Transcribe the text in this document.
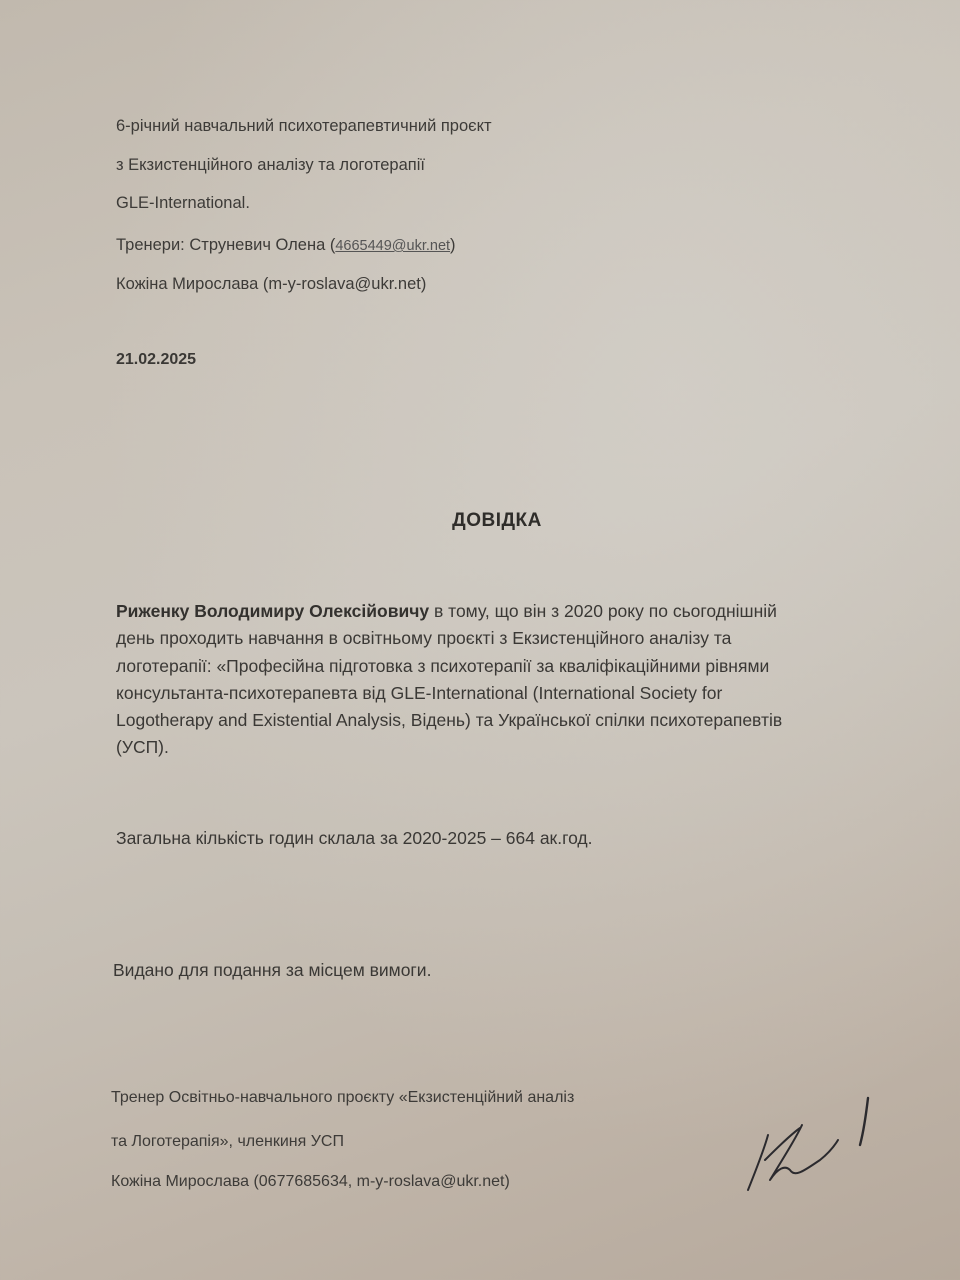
6-річний навчальний психотерапевтичний проєкт
з Екзистенційного аналізу та логотерапії
GLE-International.
Тренери: Струневич Олена (4665449@ukr.net)
Кожіна Мирослава (m-y-roslava@ukr.net)
21.02.2025
ДОВІДКА
Риженку Володимиру Олексійовичу в тому, що він з 2020 року по сьогоднішній
день проходить навчання в освітньому проєкті з Екзистенційного аналізу та
логотерапії: «Професійна підготовка з психотерапії за кваліфікаційними рівнями
консультанта-психотерапевта від GLE-International (International Society for
Logotherapy and Existential Analysis, Відень) та Української спілки психотерапевтів
(УСП).
Загальна кількість годин склала за 2020-2025 – 664 ак.год.
Видано для подання за місцем вимоги.
Тренер Освітньо-навчального проєкту «Екзистенційний аналіз
та Логотерапія», членкиня УСП
Кожіна Мирослава (0677685634, m-y-roslava@ukr.net)
